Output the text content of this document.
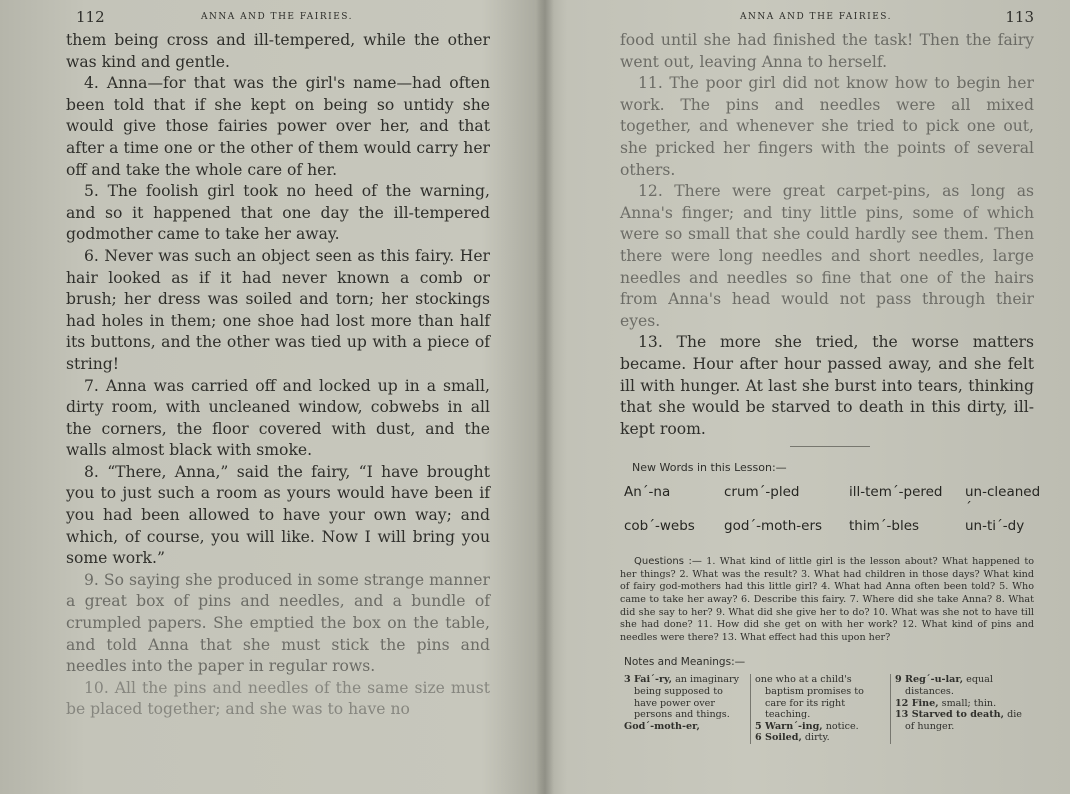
112	ANNA AND THE FAIRIES.

them being cross and ill-tempered, while the other was kind and gentle.

4. Anna—for that was the girl's name—had often been told that if she kept on being so untidy she would give those fairies power over her, and that after a time one or the other of them would carry her off and take the whole care of her.

5. The foolish girl took no heed of the warning, and so it happened that one day the ill-tempered godmother came to take her away.

6. Never was such an object seen as this fairy. Her hair looked as if it had never known a comb or brush; her dress was soiled and torn; her stockings had holes in them; one shoe had lost more than half its buttons, and the other was tied up with a piece of string!

7. Anna was carried off and locked up in a small, dirty room, with uncleaned window, cobwebs in all the corners, the floor covered with dust, and the walls almost black with smoke.

8. “There, Anna,” said the fairy, “I have brought you to just such a room as yours would have been if you had been allowed to have your own way; and which, of course, you will like. Now I will bring you some work.”

9. So saying she produced in some strange manner a great box of pins and needles, and a bundle of crumpled papers. She emptied the box on the table, and told Anna that she must stick the pins and needles into the paper in regular rows.

10. All the pins and needles of the same size must be placed together; and she was to have no

ANNA AND THE FAIRIES.	113

food until she had finished the task! Then the fairy went out, leaving Anna to herself.

11. The poor girl did not know how to begin her work. The pins and needles were all mixed together, and whenever she tried to pick one out, she pricked her fingers with the points of several others.

12. There were great carpet-pins, as long as Anna's finger; and tiny little pins, some of which were so small that she could hardly see them. Then there were long needles and short needles, large needles and needles so fine that one of the hairs from Anna's head would not pass through their eyes.

13. The more she tried, the worse matters became. Hour after hour passed away, and she felt ill with hunger. At last she burst into tears, thinking that she would be starved to death in this dirty, ill-kept room.

New Words in this Lesson:—
An´-na	crum´-pled	ill-tem´-pered	un-cleaned´
cob´-webs	god´-moth-ers	thim´-bles	un-ti´-dy

Questions :— 1. What kind of little girl is the lesson about? What happened to her things? 2. What was the result? 3. What had children in those days? What kind of fairy god-mothers had this little girl? 4. What had Anna often been told? 5. Who came to take her away? 6. Describe this fairy. 7. Where did she take Anna? 8. What did she say to her? 9. What did she give her to do? 10. What was she not to have till she had done? 11. How did she get on with her work? 12. What kind of pins and needles were there? 13. What effect had this upon her?

Notes and Meanings:—

3 Fai´-ry, an imaginary being supposed to have power over persons and things.

God´-moth-er,

one who at a child's baptism promises to care for its right teaching.

5 Warn´-ing, notice.

6 Soiled, dirty.

9 Reg´-u-lar, equal distances.

12 Fine, small; thin.

13 Starved to death, die of hunger.
